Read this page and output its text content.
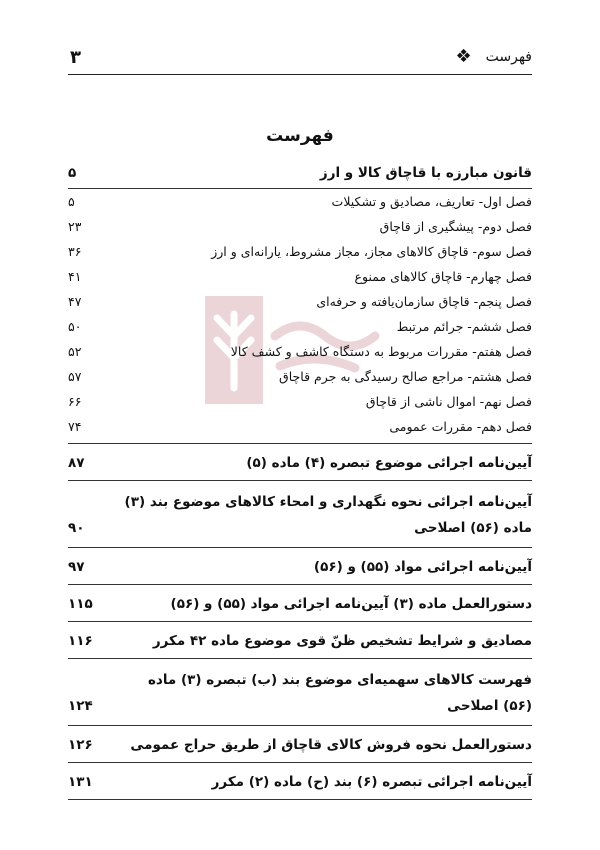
فهرست
❖
۳
فهرست
قانون مبارزه با قاچاق کالا و ارز
۵
فصل اول- تعاریف، مصادیق و تشکیلات
۵
فصل دوم- پیشگیری از قاچاق
۲۳
فصل سوم- قاچاق کالاهای مجاز، مجاز مشروط، یارانه‌ای و ارز
۳۶
فصل چهارم- قاچاق کالاهای ممنوع
۴۱
فصل پنجم- قاچاق سازمان‌یافته و حرفه‌ای
۴۷
فصل ششم- جرائم مرتبط
۵۰
فصل هفتم- مقررات مربوط به دستگاه کاشف و کشف کالا
۵۲
فصل هشتم- مراجع صالح رسیدگی به جرم قاچاق
۵۷
فصل نهم- اموال ناشی از قاچاق
۶۶
فصل دهم- مقررات عمومی
۷۴
آیین‌نامه اجرائی موضوع تبصره (۴) ماده (۵)
۸۷
آیین‌نامه اجرائی نحوه نگهداری و امحاء کالاهای موضوع بند (۳) ماده (۵۶) اصلاحی
۹۰
آیین‌نامه اجرائی مواد (۵۵) و (۵۶)
۹۷
دستورالعمل ماده (۳) آیین‌نامه اجرائی مواد (۵۵) و (۵۶)
۱۱۵
مصادیق و شرایط تشخیص ظنّ قوی موضوع ماده ۴۲ مکرر
۱۱۶
فهرست کالاهای سهمیه‌ای موضوع بند (ب) تبصره (۳) ماده (۵۶) اصلاحی
۱۲۴
دستورالعمل نحوه فروش کالای قاچاق از طریق حراج عمومی
۱۲۶
آیین‌نامه اجرائی تبصره (۶) بند (ح) ماده (۲) مکرر
۱۳۱
